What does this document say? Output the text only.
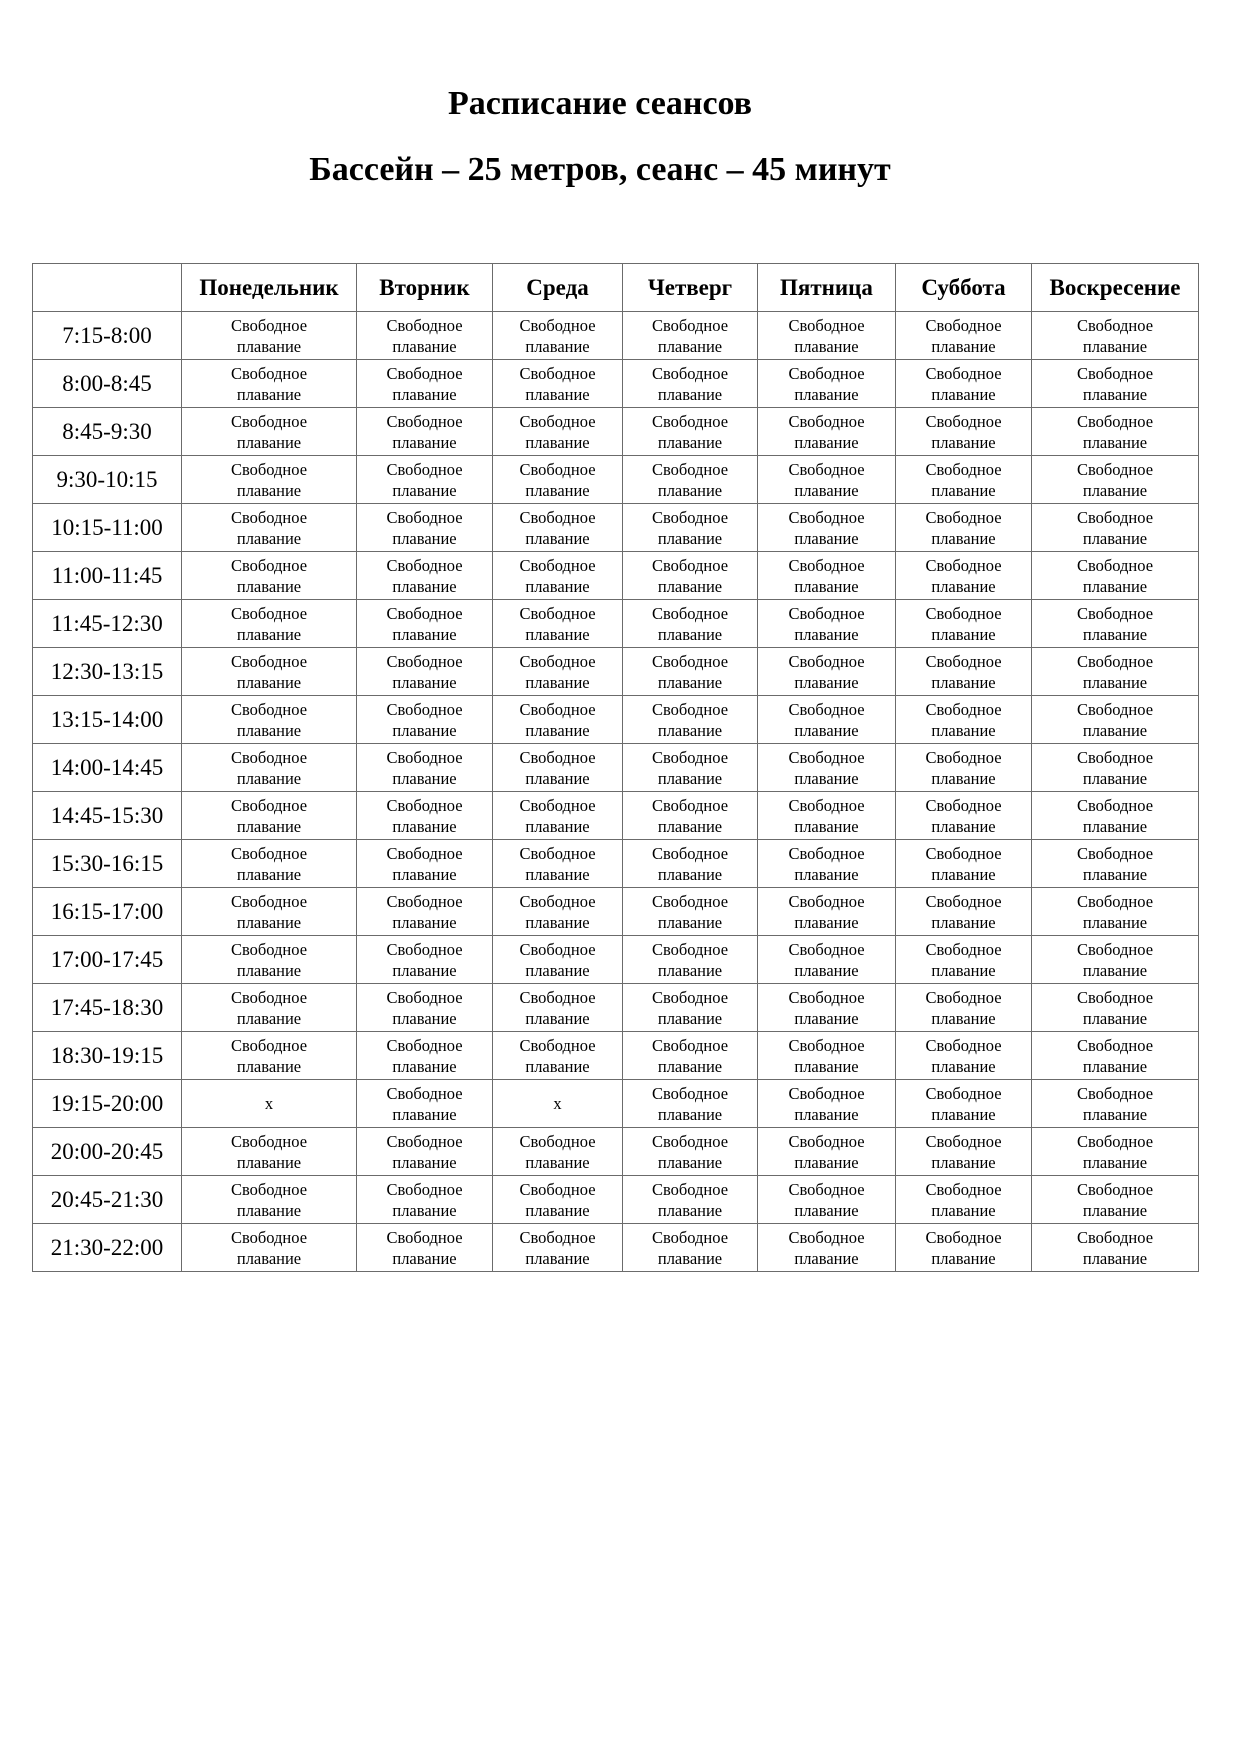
Расписание сеансов
Бассейн – 25 метров, сеанс – 45 минут
	Понедельник	Вторник	Среда	Четверг	Пятница	Суббота	Воскресение
7:15-8:00	Свободное
плавание	Свободное
плавание	Свободное
плавание	Свободное
плавание	Свободное
плавание	Свободное
плавание	Свободное
плавание

8:00-8:45	Свободное
плавание	Свободное
плавание	Свободное
плавание	Свободное
плавание	Свободное
плавание	Свободное
плавание	Свободное
плавание

8:45-9:30	Свободное
плавание	Свободное
плавание	Свободное
плавание	Свободное
плавание	Свободное
плавание	Свободное
плавание	Свободное
плавание

9:30-10:15	Свободное
плавание	Свободное
плавание	Свободное
плавание	Свободное
плавание	Свободное
плавание	Свободное
плавание	Свободное
плавание

10:15-11:00	Свободное
плавание	Свободное
плавание	Свободное
плавание	Свободное
плавание	Свободное
плавание	Свободное
плавание	Свободное
плавание

11:00-11:45	Свободное
плавание	Свободное
плавание	Свободное
плавание	Свободное
плавание	Свободное
плавание	Свободное
плавание	Свободное
плавание

11:45-12:30	Свободное
плавание	Свободное
плавание	Свободное
плавание	Свободное
плавание	Свободное
плавание	Свободное
плавание	Свободное
плавание

12:30-13:15	Свободное
плавание	Свободное
плавание	Свободное
плавание	Свободное
плавание	Свободное
плавание	Свободное
плавание	Свободное
плавание

13:15-14:00	Свободное
плавание	Свободное
плавание	Свободное
плавание	Свободное
плавание	Свободное
плавание	Свободное
плавание	Свободное
плавание

14:00-14:45	Свободное
плавание	Свободное
плавание	Свободное
плавание	Свободное
плавание	Свободное
плавание	Свободное
плавание	Свободное
плавание

14:45-15:30	Свободное
плавание	Свободное
плавание	Свободное
плавание	Свободное
плавание	Свободное
плавание	Свободное
плавание	Свободное
плавание

15:30-16:15	Свободное
плавание	Свободное
плавание	Свободное
плавание	Свободное
плавание	Свободное
плавание	Свободное
плавание	Свободное
плавание

16:15-17:00	Свободное
плавание	Свободное
плавание	Свободное
плавание	Свободное
плавание	Свободное
плавание	Свободное
плавание	Свободное
плавание

17:00-17:45	Свободное
плавание	Свободное
плавание	Свободное
плавание	Свободное
плавание	Свободное
плавание	Свободное
плавание	Свободное
плавание

17:45-18:30	Свободное
плавание	Свободное
плавание	Свободное
плавание	Свободное
плавание	Свободное
плавание	Свободное
плавание	Свободное
плавание

18:30-19:15	Свободное
плавание	Свободное
плавание	Свободное
плавание	Свободное
плавание	Свободное
плавание	Свободное
плавание	Свободное
плавание

19:15-20:00	x	Свободное
плавание	x	Свободное
плавание	Свободное
плавание	Свободное
плавание	Свободное
плавание

20:00-20:45	Свободное
плавание	Свободное
плавание	Свободное
плавание	Свободное
плавание	Свободное
плавание	Свободное
плавание	Свободное
плавание

20:45-21:30	Свободное
плавание	Свободное
плавание	Свободное
плавание	Свободное
плавание	Свободное
плавание	Свободное
плавание	Свободное
плавание

21:30-22:00	Свободное
плавание	Свободное
плавание	Свободное
плавание	Свободное
плавание	Свободное
плавание	Свободное
плавание	Свободное
плавание
